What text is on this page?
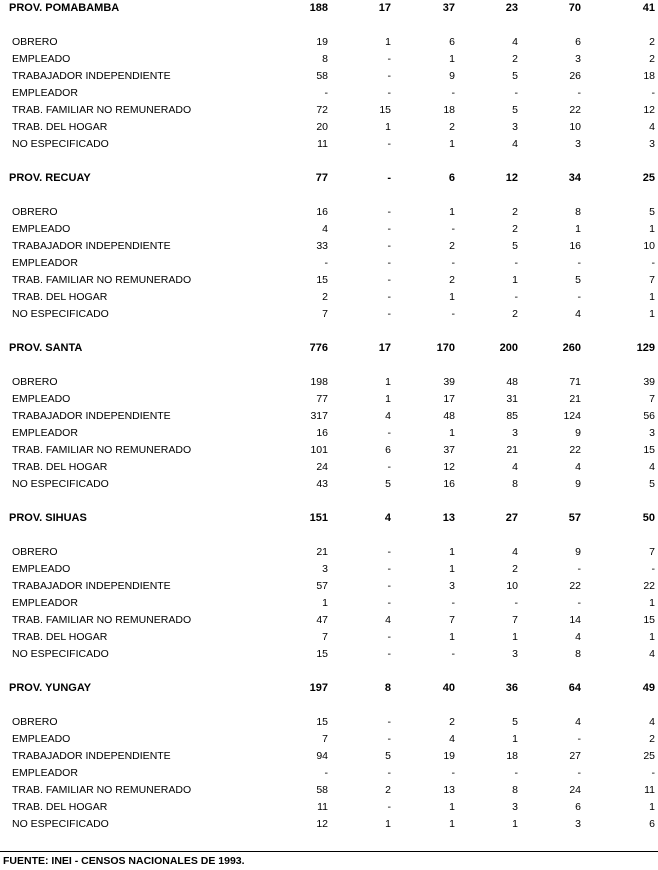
PROV. POMABAMBA	188	17	37	23	70	41
OBRERO	19	1	6	4	6	2
EMPLEADO	8	-	1	2	3	2
TRABAJADOR INDEPENDIENTE	58	-	9	5	26	18
EMPLEADOR	-	-	-	-	-	-
TRAB. FAMILIAR NO REMUNERADO	72	15	18	5	22	12
TRAB. DEL HOGAR	20	1	2	3	10	4
NO ESPECIFICADO	11	-	1	4	3	3
PROV. RECUAY	77	-	6	12	34	25
OBRERO	16	-	1	2	8	5
EMPLEADO	4	-	-	2	1	1
TRABAJADOR INDEPENDIENTE	33	-	2	5	16	10
EMPLEADOR	-	-	-	-	-	-
TRAB. FAMILIAR NO REMUNERADO	15	-	2	1	5	7
TRAB. DEL HOGAR	2	-	1	-	-	1
NO ESPECIFICADO	7	-	-	2	4	1
PROV. SANTA	776	17	170	200	260	129
OBRERO	198	1	39	48	71	39
EMPLEADO	77	1	17	31	21	7
TRABAJADOR INDEPENDIENTE	317	4	48	85	124	56
EMPLEADOR	16	-	1	3	9	3
TRAB. FAMILIAR NO REMUNERADO	101	6	37	21	22	15
TRAB. DEL HOGAR	24	-	12	4	4	4
NO ESPECIFICADO	43	5	16	8	9	5
PROV. SIHUAS	151	4	13	27	57	50
OBRERO	21	-	1	4	9	7
EMPLEADO	3	-	1	2	-	-
TRABAJADOR INDEPENDIENTE	57	-	3	10	22	22
EMPLEADOR	1	-	-	-	-	1
TRAB. FAMILIAR NO REMUNERADO	47	4	7	7	14	15
TRAB. DEL HOGAR	7	-	1	1	4	1
NO ESPECIFICADO	15	-	-	3	8	4
PROV. YUNGAY	197	8	40	36	64	49
OBRERO	15	-	2	5	4	4
EMPLEADO	7	-	4	1	-	2
TRABAJADOR INDEPENDIENTE	94	5	19	18	27	25
EMPLEADOR	-	-	-	-	-	-
TRAB. FAMILIAR NO REMUNERADO	58	2	13	8	24	11
TRAB. DEL HOGAR	11	-	1	3	6	1
NO ESPECIFICADO	12	1	1	1	3	6
FUENTE: INEI - CENSOS NACIONALES DE 1993.
